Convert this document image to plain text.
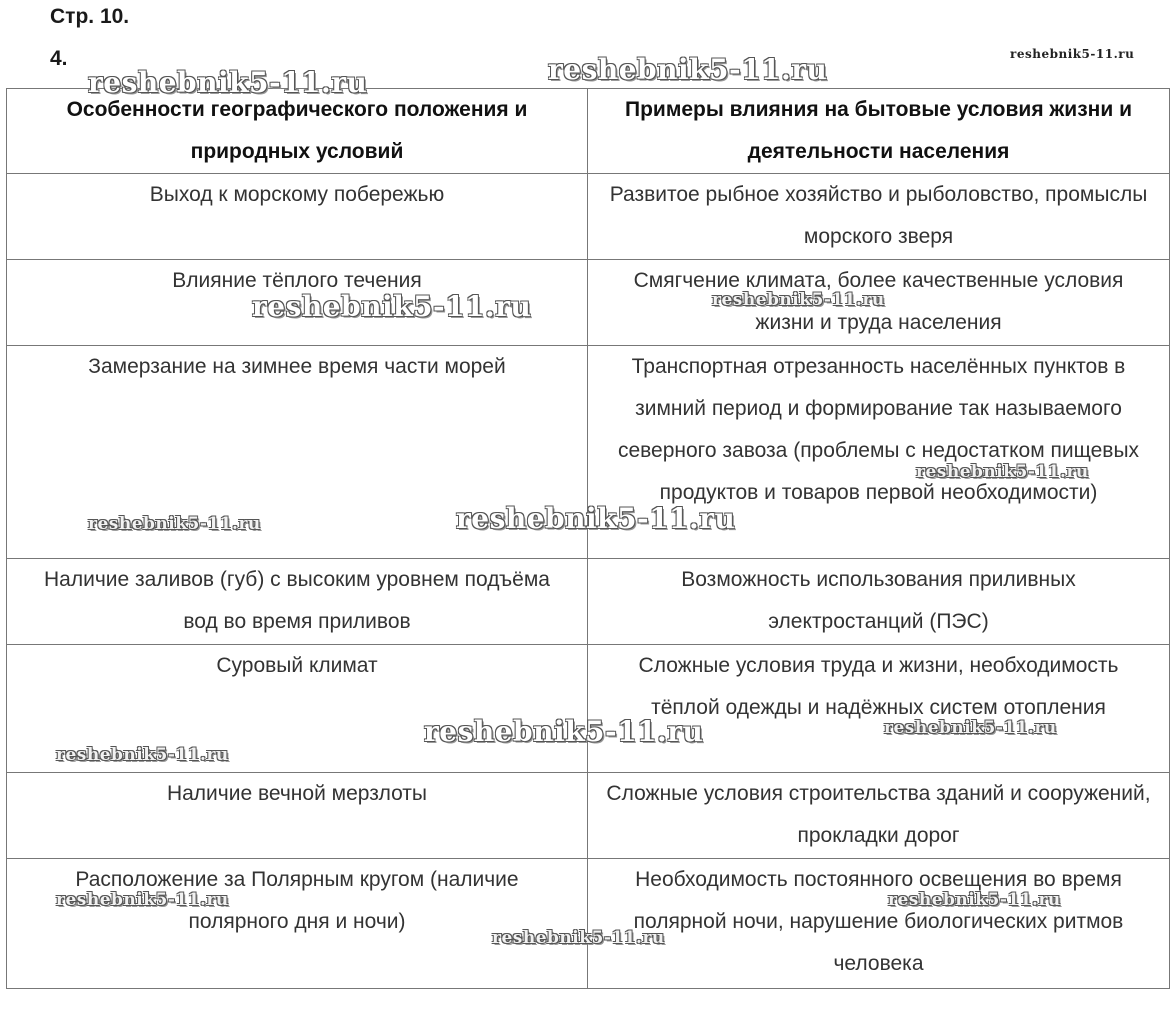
Стр. 10.
4.
Особенности географического положения и природных условий	Примеры влияния на бытовые условия жизни и деятельности населения
Выход к морскому побережью	Развитое рыбное хозяйство и рыболовство, промыслы морского зверя
Влияние тёплого течения	Смягчение климата, более качественные условия жизни и труда населения
Замерзание на зимнее время части морей	Транспортная отрезанность населённых пунктов в зимний период и формирование так называемого северного завоза (проблемы с недостатком пищевых продуктов и товаров первой необходимости)
Наличие заливов (губ) с высоким уровнем подъёма вод во время приливов	Возможность использования приливных электростанций (ПЭС)
Суровый климат	Сложные условия труда и жизни, необходимость тёплой одежды и надёжных систем отопления
Наличие вечной мерзлоты	Сложные условия строительства зданий и сооружений, прокладки дорог
Расположение за Полярным кругом (наличие полярного дня и ночи)	Необходимость постоянного освещения во время полярной ночи, нарушение биологических ритмов человека
reshebnik5-11.ru	reshebnik5-11.ru	reshebnik5-11.ru
reshebnik5-11.ru	reshebnik5-11.ru
reshebnik5-11.ru
reshebnik5-11.ru	reshebnik5-11.ru
reshebnik5-11.ru	reshebnik5-11.ru
reshebnik5-11.ru
reshebnik5-11.ru	reshebnik5-11.ru
reshebnik5-11.ru
